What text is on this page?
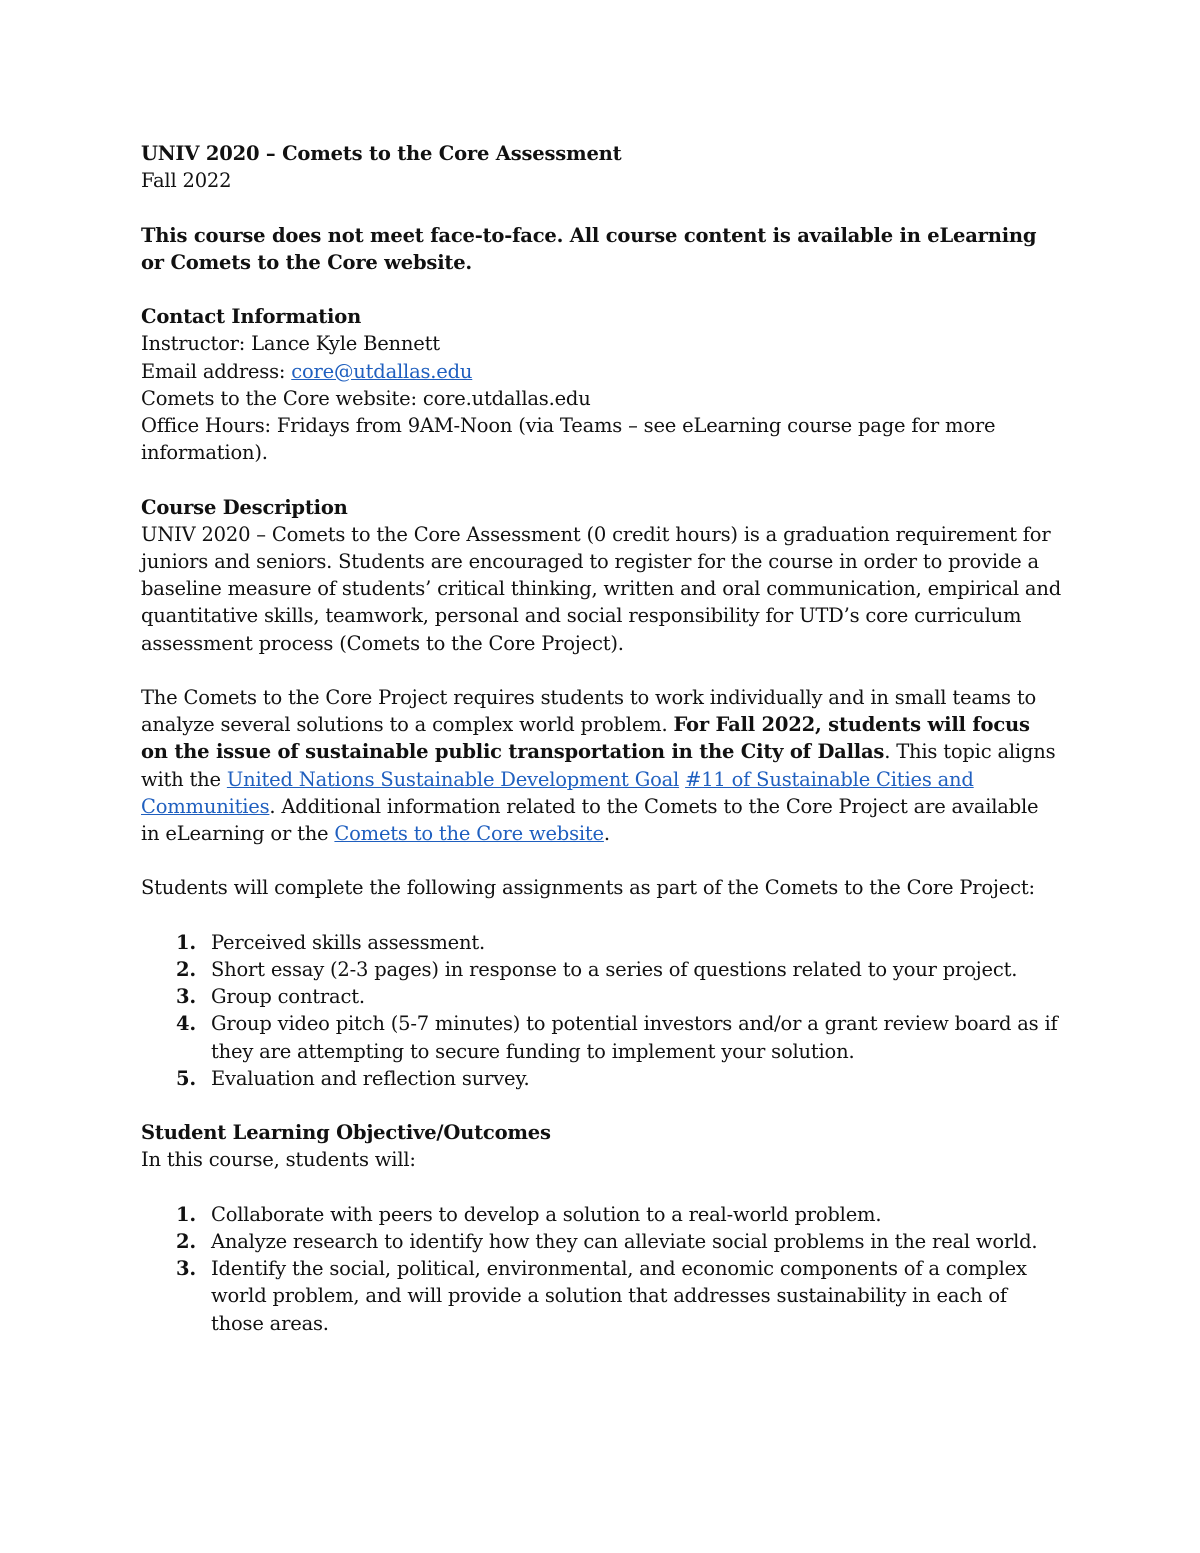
UNIV 2020 – Comets to the Core Assessment

Fall 2022

This course does not meet face-to-face. All course content is available in eLearning or Comets to the Core website.

Contact Information

Instructor: Lance Kyle Bennett

Email address: core@utdallas.edu

Comets to the Core website: core.utdallas.edu

Office Hours: Fridays from 9AM-Noon (via Teams – see eLearning course page for more information).

Course Description

UNIV 2020 – Comets to the Core Assessment (0 credit hours) is a graduation requirement for juniors and seniors. Students are encouraged to register for the course in order to provide a baseline measure of students’ critical thinking, written and oral communication, empirical and quantitative skills, teamwork, personal and social responsibility for UTD’s core curriculum assessment process (Comets to the Core Project).

The Comets to the Core Project requires students to work individually and in small teams to analyze several solutions to a complex world problem. For Fall 2022, students will focus on the issue of sustainable public transportation in the City of Dallas. This topic aligns with the United Nations Sustainable Development Goal #11 of Sustainable Cities and Communities. Additional information related to the Comets to the Core Project are available in eLearning or the Comets to the Core website.

Students will complete the following assignments as part of the Comets to the Core Project:

1. Perceived skills assessment.
2. Short essay (2-3 pages) in response to a series of questions related to your project.
3. Group contract.
4. Group video pitch (5-7 minutes) to potential investors and/or a grant review board as if they are attempting to secure funding to implement your solution.
5. Evaluation and reflection survey.

Student Learning Objective/Outcomes

In this course, students will:

1. Collaborate with peers to develop a solution to a real-world problem.
2. Analyze research to identify how they can alleviate social problems in the real world.
3. Identify the social, political, environmental, and economic components of a complex world problem, and will provide a solution that addresses sustainability in each of those areas.
